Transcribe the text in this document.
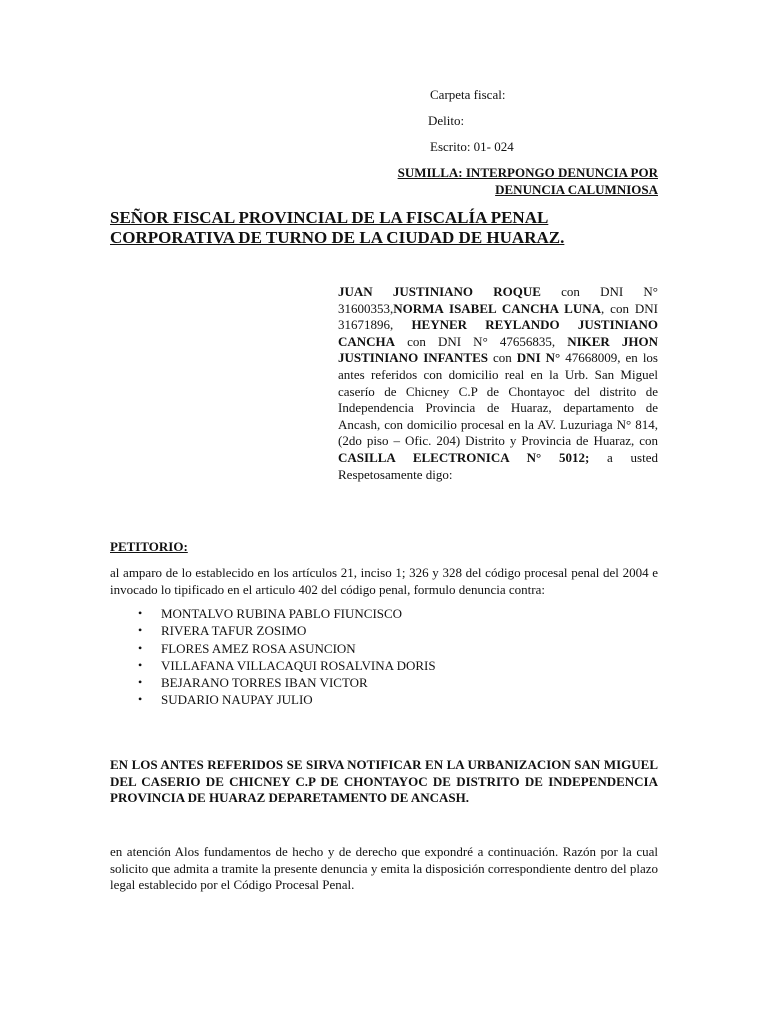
Carpeta fiscal:
Delito:
Escrito: 01- 024
SUMILLA: INTERPONGO DENUNCIA POR
DENUNCIA CALUMNIOSA
SEÑOR FISCAL PROVINCIAL DE LA FISCALÍA PENAL
CORPORATIVA DE TURNO DE LA CIUDAD DE HUARAZ.
JUAN JUSTINIANO ROQUE con DNI N° 31600353,NORMA ISABEL CANCHA LUNA, con DNI 31671896, HEYNER REYLANDO JUSTINIANO CANCHA con DNI N° 47656835, NIKER JHON JUSTINIANO INFANTES con DNI N° 47668009, en los antes referidos con domicilio real en la Urb. San Miguel caserío de Chicney C.P de Chontayoc del distrito de Independencia Provincia de Huaraz, departamento de Ancash, con domicilio procesal en la AV. Luzuriaga N° 814, (2do piso – Ofic. 204) Distrito y Provincia de Huaraz, con CASILLA ELECTRONICA N° 5012; a usted Respetosamente digo:
PETITORIO:
al amparo de lo establecido en los artículos 21, inciso 1; 326 y 328 del código procesal penal del 2004 e invocado lo tipificado en el articulo 402 del código penal, formulo denuncia contra:
• MONTALVO RUBINA PABLO FIUNCISCO
• RIVERA TAFUR ZOSIMO
• FLORES AMEZ ROSA ASUNCION
• VILLAFANA VILLACAQUI ROSALVINA DORIS
• BEJARANO TORRES IBAN VICTOR
• SUDARIO NAUPAY JULIO
EN LOS ANTES REFERIDOS SE SIRVA NOTIFICAR EN LA URBANIZACION SAN MIGUEL DEL CASERIO DE CHICNEY C.P DE CHONTAYOC DE DISTRITO DE INDEPENDENCIA PROVINCIA DE HUARAZ DEPARETAMENTO DE ANCASH.
en atención Alos fundamentos de hecho y de derecho que expondré a continuación. Razón por la cual solicito que admita a tramite la presente denuncia y emita la disposición correspondiente dentro del plazo legal establecido por el Código Procesal Penal.
